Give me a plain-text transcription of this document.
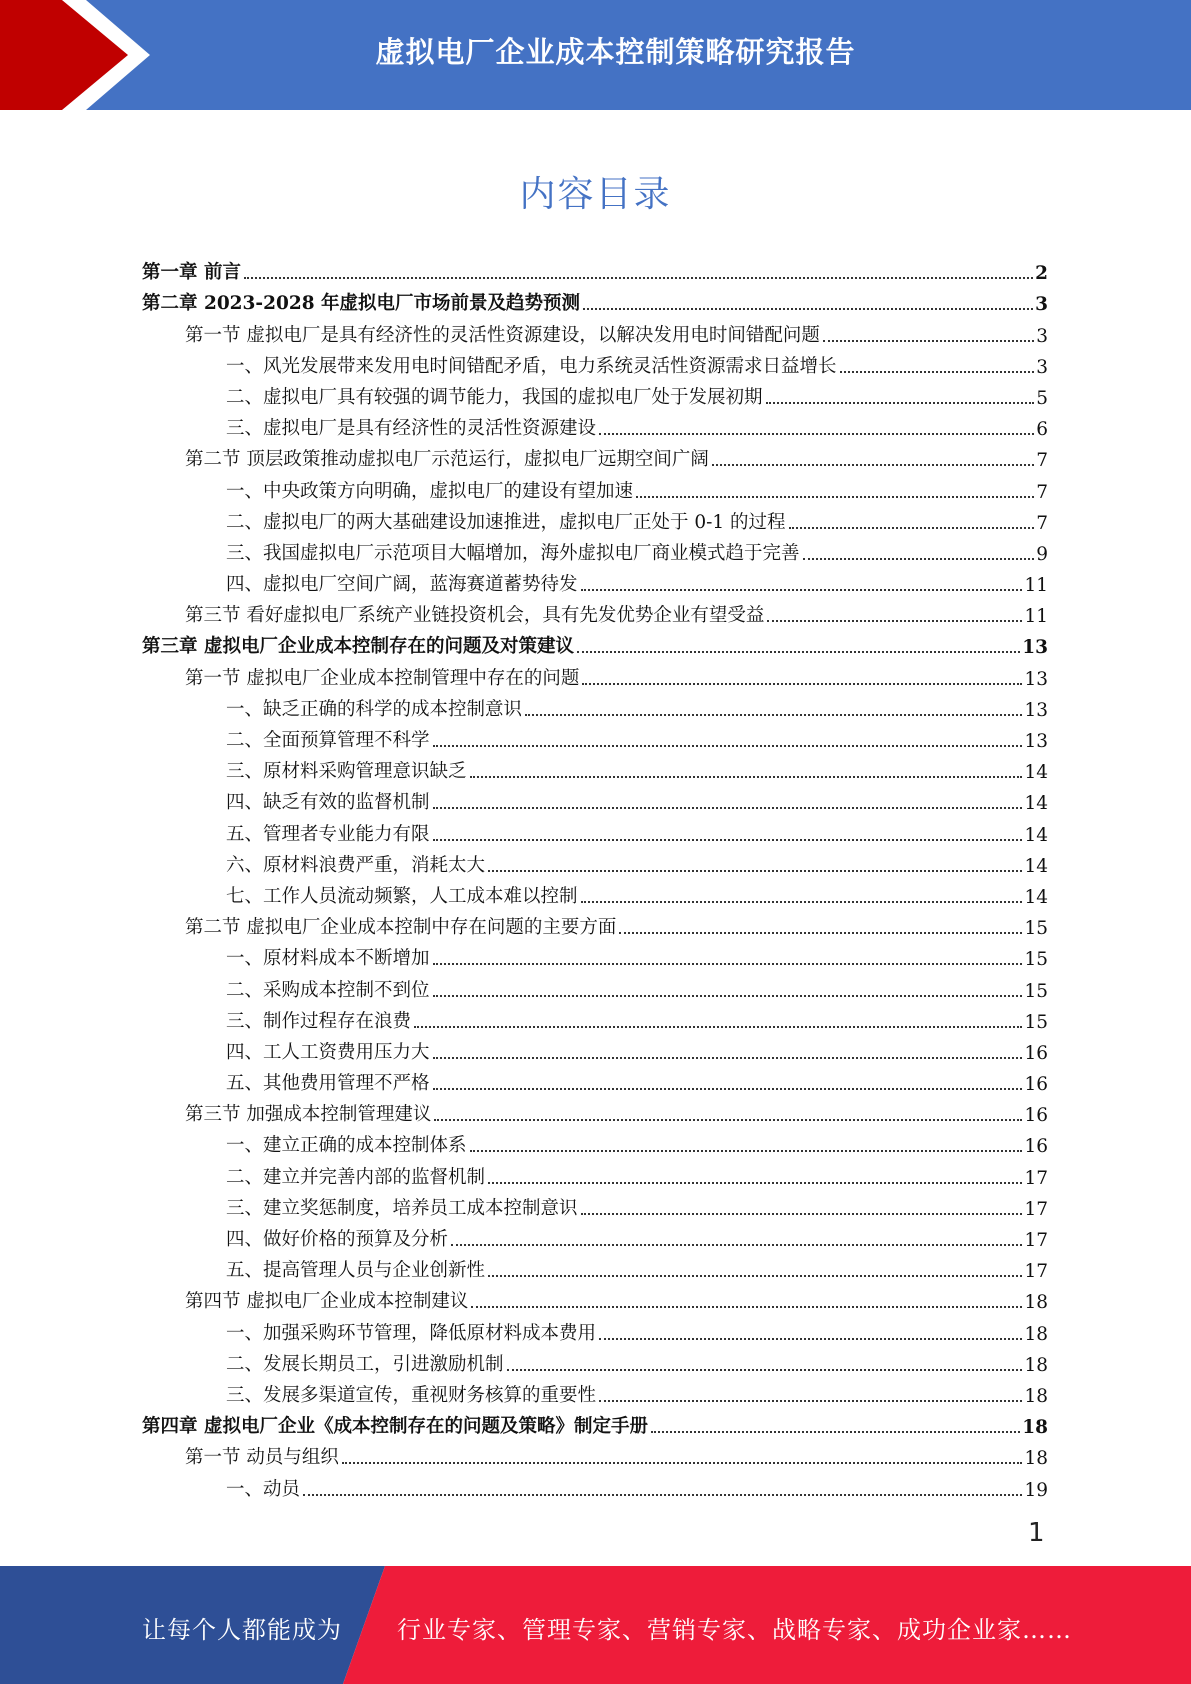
虚拟电厂企业成本控制策略研究报告
内容目录
第一章 前言	2
第二章 2023-2028 年虚拟电厂市场前景及趋势预测	3
第一节 虚拟电厂是具有经济性的灵活性资源建设，以解决发用电时间错配问题	3
一、风光发展带来发用电时间错配矛盾，电力系统灵活性资源需求日益增长	3
二、虚拟电厂具有较强的调节能力，我国的虚拟电厂处于发展初期	5
三、虚拟电厂是具有经济性的灵活性资源建设	6
第二节 顶层政策推动虚拟电厂示范运行，虚拟电厂远期空间广阔	7
一、中央政策方向明确，虚拟电厂的建设有望加速	7
二、虚拟电厂的两大基础建设加速推进，虚拟电厂正处于 0-1 的过程	7
三、我国虚拟电厂示范项目大幅增加，海外虚拟电厂商业模式趋于完善	9
四、虚拟电厂空间广阔，蓝海赛道蓄势待发	11
第三节 看好虚拟电厂系统产业链投资机会，具有先发优势企业有望受益	11
第三章 虚拟电厂企业成本控制存在的问题及对策建议	13
第一节 虚拟电厂企业成本控制管理中存在的问题	13
一、缺乏正确的科学的成本控制意识	13
二、全面预算管理不科学	13
三、原材料采购管理意识缺乏	14
四、缺乏有效的监督机制	14
五、管理者专业能力有限	14
六、原材料浪费严重，消耗太大	14
七、工作人员流动频繁，人工成本难以控制	14
第二节 虚拟电厂企业成本控制中存在问题的主要方面	15
一、原材料成本不断增加	15
二、采购成本控制不到位	15
三、制作过程存在浪费	15
四、工人工资费用压力大	16
五、其他费用管理不严格	16
第三节 加强成本控制管理建议	16
一、建立正确的成本控制体系	16
二、建立并完善内部的监督机制	17
三、建立奖惩制度，培养员工成本控制意识	17
四、做好价格的预算及分析	17
五、提高管理人员与企业创新性	17
第四节 虚拟电厂企业成本控制建议	18
一、加强采购环节管理，降低原材料成本费用	18
二、发展长期员工，引进激励机制	18
三、发展多渠道宣传，重视财务核算的重要性	18
第四章 虚拟电厂企业《成本控制存在的问题及策略》制定手册	18
第一节 动员与组织	18
一、动员	19
1
让每个人都能成为 行业专家、管理专家、营销专家、战略专家、成功企业家……
